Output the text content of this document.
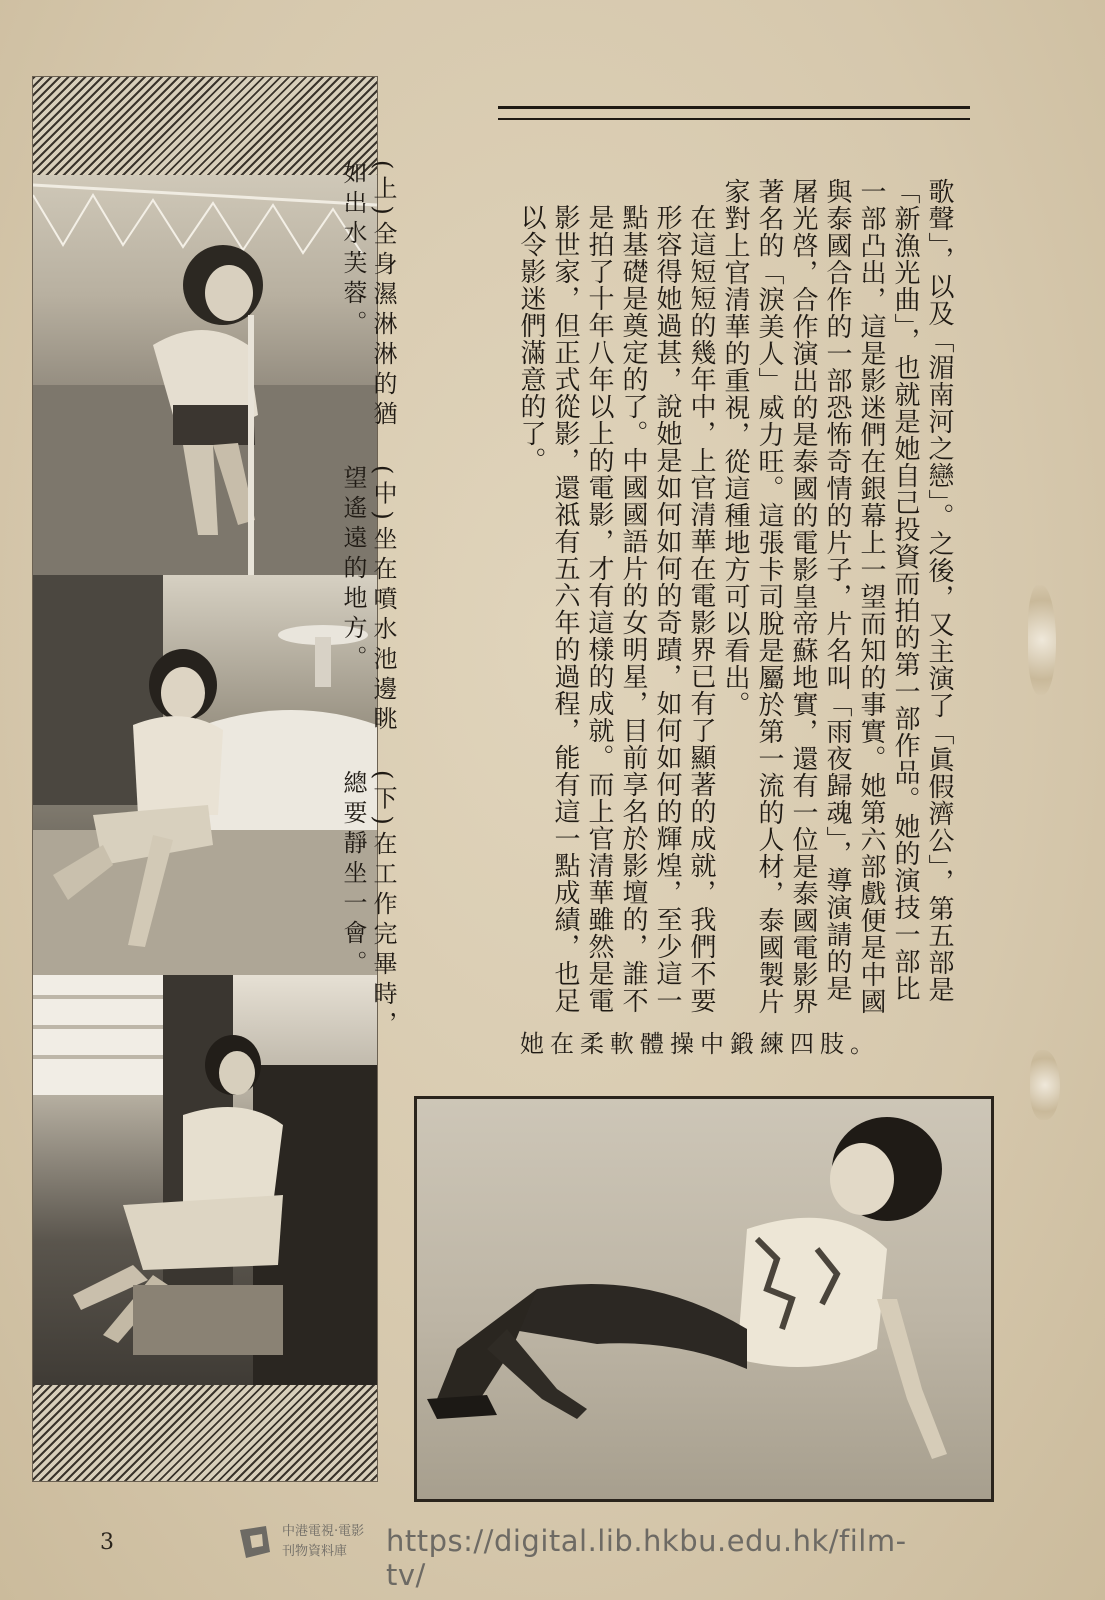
(上)全身濕淋淋的猶如出水芙蓉。
(中)坐在噴水池邊眺望遙遠的地方。
(下)在工作完畢時，總要靜坐一會。	歌聲」，以及「湄南河之戀」。之後，又主演了「眞假濟公」，第五部是「新漁光曲」，也就是她自己投資而拍的第一部作品。她的演技一部比一部凸出，這是影迷們在銀幕上一望而知的事實。她第六部戲便是中國與泰國合作的一部恐怖奇情的片子，片名叫「雨夜歸魂」，導演請的是屠光啓，合作演出的是泰國的電影皇帝蘇地實，還有一位是泰國電影界著名的「淚美人」威力旺。這張卡司脫是屬於第一流的人材，泰國製片家對上官清華的重視，從這種地方可以看出。

在這短短的幾年中，上官清華在電影界已有了顯著的成就，我們不要形容得她過甚，說她是如何如何的奇蹟，如何如何的輝煌，至少這一點基礎是奠定的了。中國國語片的女明星，目前享名於影壇的，誰不是拍了十年八年以上的電影，才有這樣的成就。而上官清華雖然是電影世家，但正式從影，還祗有五六年的過程，能有這一點成績，也足以令影迷們滿意的了。

她在柔軟體操中鍛練四肢。
3	中港電視·電影
刊物資料庫	https://digital.lib.hkbu.edu.hk/film-tv/
